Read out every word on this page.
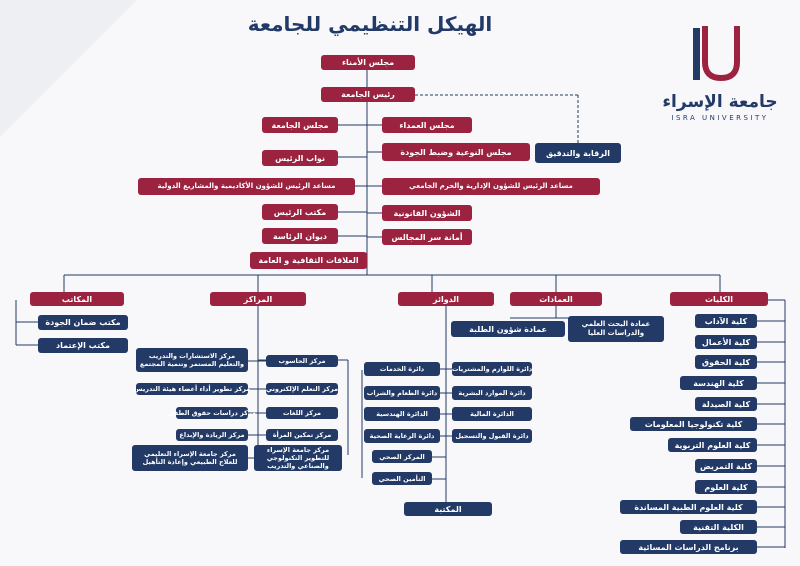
الهيكل التنظيمي للجامعة
جامعة الإسراء
ISRA UNIVERSITY
مجلس الأمناء
رئيس الجامعة
الرقابة والتدقيق
مجلس العمداء
مجلس الجامعة
مجلس النوعية وضبط الجودة
نواب الرئيس
مساعد الرئيس للشؤون الإدارية والحرم الجامعي
مساعد الرئيس للشؤون الأكاديمية والمشاريع الدولية
الشؤون القانونية
مكتب الرئيس
أمانة سر المجالس
ديوان الرئاسة
العلاقات الثقافية و العامة
الكليات
العمادات
الدوائر
المراكز
المكاتب
كلية الآداب
كلية الأعمال
كلية الحقوق
كلية الهندسة
كلية الصيدلة
كلية تكنولوجيا المعلومات
كلية العلوم التربوية
كلية التمريض
كلية العلوم
كلية العلوم الطبية المساندة
الكلية التقنية
برنامج الدراسات المسائية
عمادة البحث العلمي والدراسات العليا
عمادة شؤون الطلبة
دائرة اللوازم والمشتريات
دائرة الموارد البشرية
الدائرة المالية
دائرة القبول والتسجيل
دائرة الخدمات
دائرة الطعام والشراب
الدائرة الهندسية
دائرة الرعاية الصحية
المركز الصحي
التأمين الصحي
المكتبة
مركز الحاسوب
مركز التعلم الإلكتروني
مركز اللغات
مركز تمكين المرأة
مركز جامعة الإسراء للتطوير التكنولوجي والصناعي والتدريب
مركز الاستشارات والتدريب والتعليم المستمر وتنمية المجتمع
مركز تطوير أداء أعضاء هيئة التدريس
مركز دراسات حقوق الطفل
مركز الريادة والإبداع
مركز جامعة الإسراء التعليمي للعلاج الطبيعي وإعادة التأهيل
مكتب ضمان الجودة
مكتب الإعتماد
